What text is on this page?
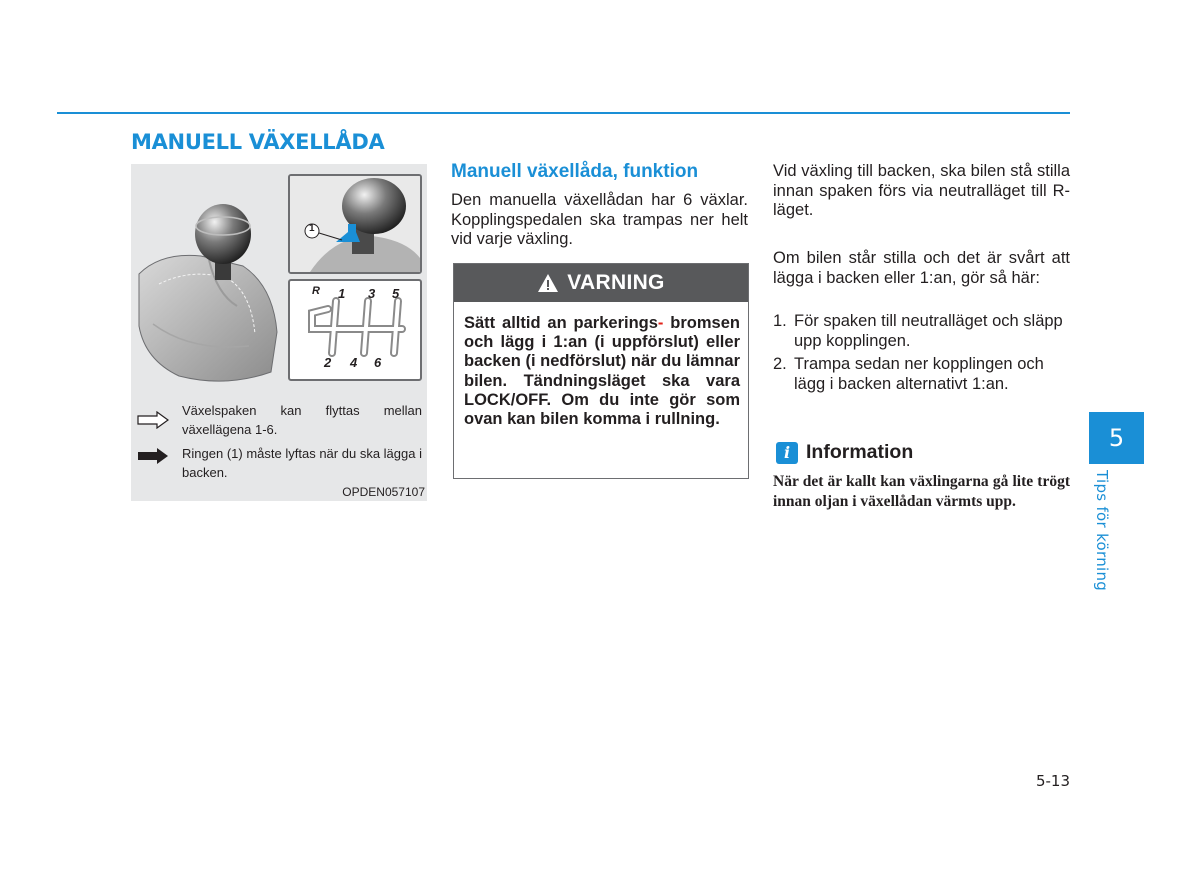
MANUELL VÄXELLÅDA
1
R 1 3 5
2 4 6
Växelspaken kan flyttas mellan växellägena 1-6.
Ringen (1) måste lyftas när du ska lägga i backen.
OPDEN057107
Manuell växellåda, funktion

Den manuella växellådan har 6 växlar. Kopplingspedalen ska trampas ner helt vid varje växling.

VARNING

Sätt alltid an parkerings- bromsen och lägg i 1:an (i uppförslut) eller backen (i nedförslut) när du lämnar bilen. Tändningsläget ska vara LOCK/OFF. Om du inte gör som ovan kan bilen komma i rullning.

Vid växling till backen, ska bilen stå stilla innan spaken förs via neutralläget till R-läget.

Om bilen står stilla och det är svårt att lägga i backen eller 1:an, gör så här:

1. För spaken till neutralläget och släpp upp kopplingen.
2. Trampa sedan ner kopplingen och lägg i backen alternativt 1:an.
i Information

När det är kallt kan växlingarna gå lite trögt innan oljan i växellådan värmts upp.

5
Tips för körning
5-13
